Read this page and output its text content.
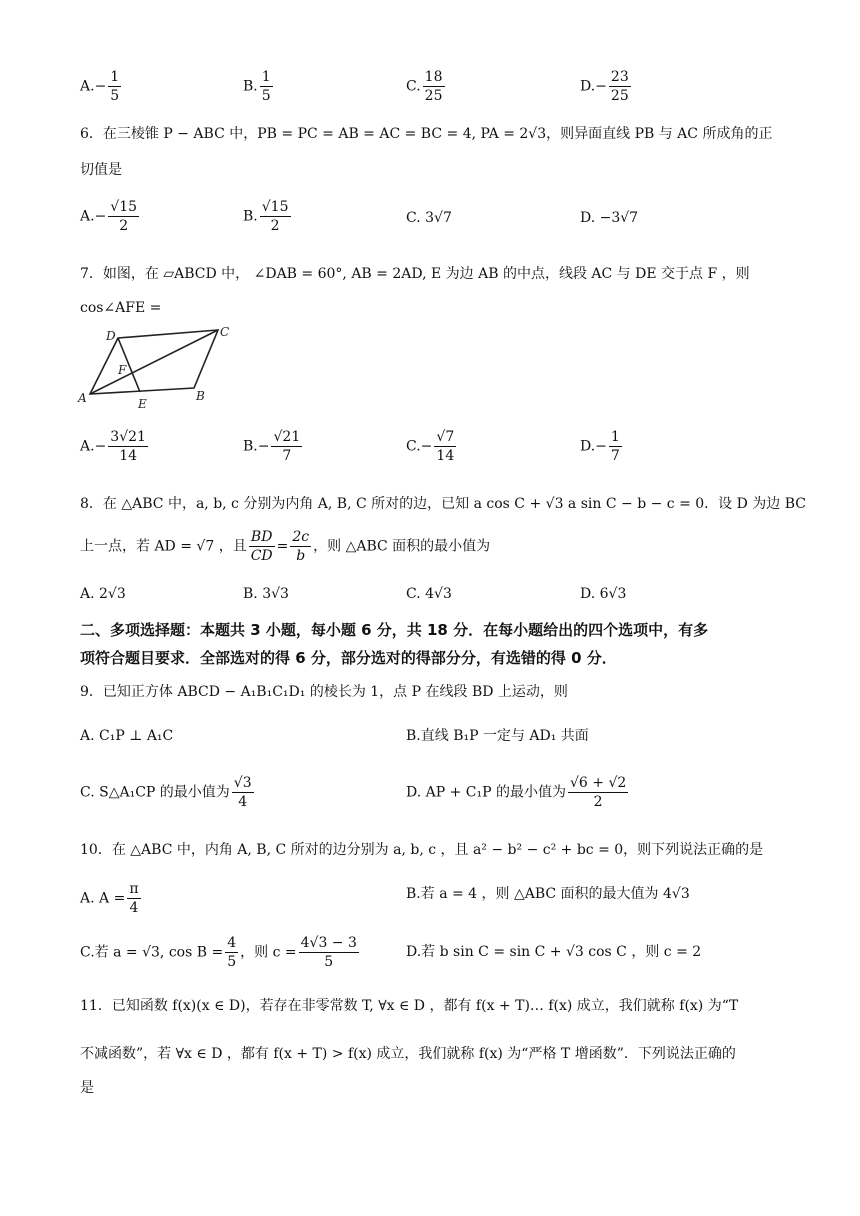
$A.- \frac{1}{5}$	B. $\frac{1}{5}$	C. $\frac{18}{25}$	$D.- \frac{23}{25}$
6．在三棱锥 P − ABC 中，PB = PC = AB = AC = BC = 4, PA = 2√3，则异面直线 PB 与 AC 所成角的正
切值是
$A.- \frac{√15}{2}$	B. $\frac{√15}{2}$	C. 3√7	D. −3√7
7．如图，在 ▱ABCD 中， ∠DAB = 60°, AB = 2AD, E 为边 AB 的中点，线段 AC 与 DE 交于点 F ，则
cos∠AFE =
A	B
C
D
E
F
$A.- \frac{3√21}{14}$	$B.- \frac{√21}{7}$	$C.- \frac{√7}{14}$	$D.- \frac{1}{7}$
8．在 △ABC 中，a, b, c 分别为内角 A, B, C 所对的边，已知 a cos C + √3 a sin C − b − c = 0．设 D 为边 BC
上一点，若 AD = √7 ，且 $\frac{BD}{CD} = \frac{2c}{b}$ ，则 △ABC 面积的最小值为
A. 2√3	B. 3√3	C. 4√3	D. 6√3
二、多项选择题：本题共 3 小题，每小题 6 分，共 18 分．在每小题给出的四个选项中，有多
项符合题目要求．全部选对的得 6 分，部分选对的得部分分，有选错的得 0 分．
9．已知正方体 ABCD − A₁B₁C₁D₁ 的棱长为 1，点 P 在线段 BD 上运动，则
A. C₁P ⊥ A₁C	B.直线 B₁P 一定与 AD₁ 共面
C. S△A₁CP 的最小值为 $\frac{√3}{4}$	D. AP + C₁P 的最小值为 $\frac{√6 + √2}{2}$
10．在 △ABC 中，内角 A, B, C 所对的边分别为 a, b, c ，且 a² − b² − c² + bc = 0，则下列说法正确的是
A. $A = \frac{\pi}{4}$	B.若 a = 4 ，则 △ABC 面积的最大值为 4√3
C.若 a = √3, $\cos B = \frac{4}{5}$ ，则 $c = \frac{4√3 - 3}{5}$	D.若 b sin C = sin C + √3 cos C ，则 c = 2
11．已知函数 f(x)(x ∈ D)，若存在非零常数 T, ∀x ∈ D ，都有 f(x + T)… f(x) 成立，我们就称 f(x) 为“T
不减函数”，若 ∀x ∈ D ，都有 f(x + T) > f(x) 成立，我们就称 f(x) 为“严格 T 增函数”．下列说法正确的
是
